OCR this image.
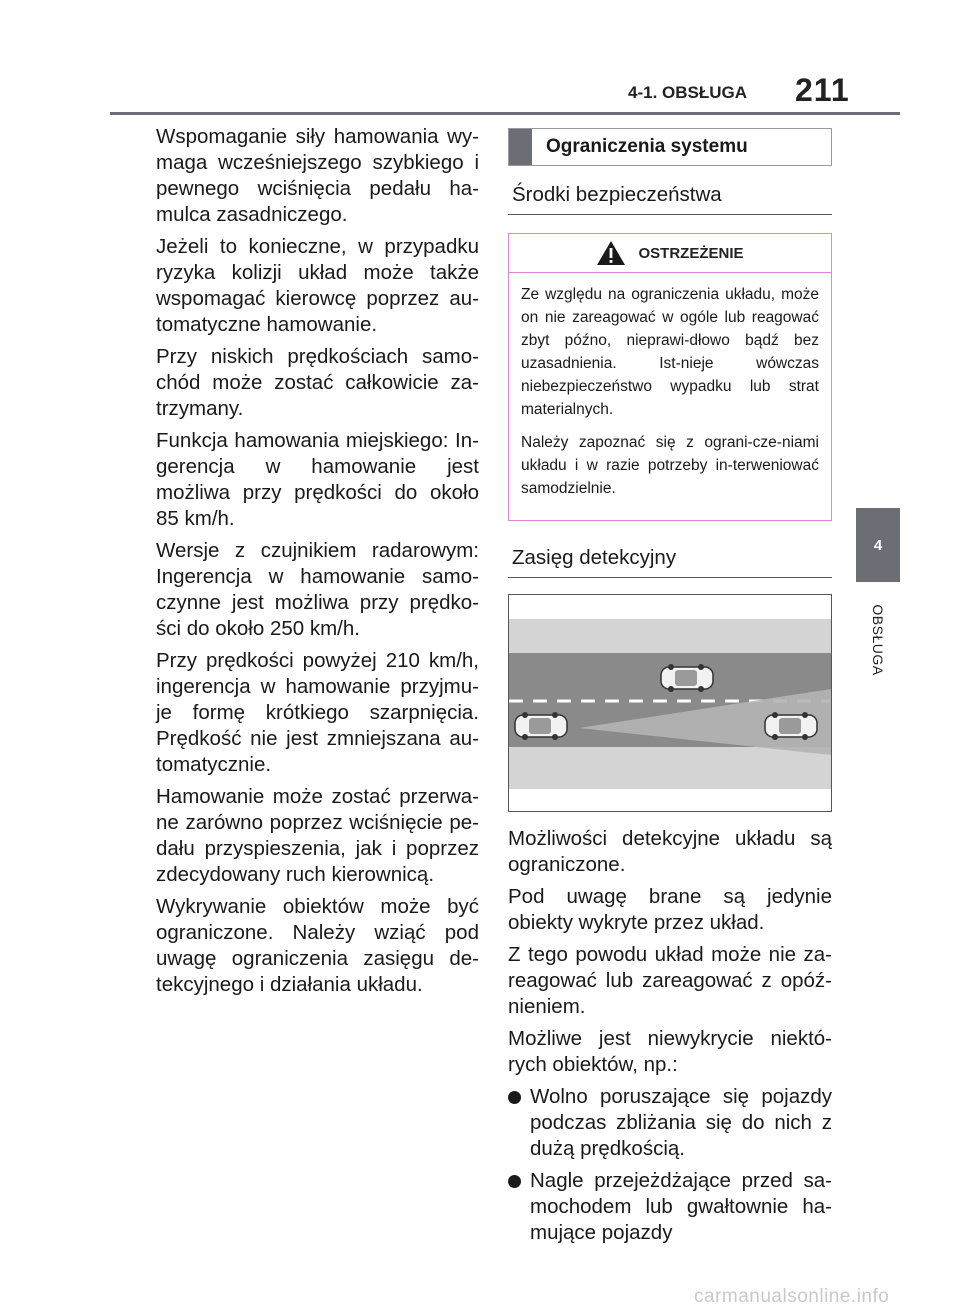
4-1. OBSŁUGA 211
4
OBSŁUGA

Wspomaganie siły hamowania wy-maga wcześniejszego szybkiego i pewnego wciśnięcia pedału ha-mulca zasadniczego.

Jeżeli to konieczne, w przypadku ryzyka kolizji układ może także wspomagać kierowcę poprzez au-tomatyczne hamowanie.

Przy niskich prędkościach samo-chód może zostać całkowicie za-trzymany.

Funkcja hamowania miejskiego: In-gerencja w hamowanie jest możliwa przy prędkości do około 85 km/h.

Wersje z czujnikiem radarowym: Ingerencja w hamowanie samo-czynne jest możliwa przy prędko-ści do około 250 km/h.

Przy prędkości powyżej 210 km/h, ingerencja w hamowanie przyjmu-je formę krótkiego szarpnięcia. Prędkość nie jest zmniejszana au-tomatycznie.

Hamowanie może zostać przerwa-ne zarówno poprzez wciśnięcie pe-dału przyspieszenia, jak i poprzez zdecydowany ruch kierownicą.

Wykrywanie obiektów może być ograniczone. Należy wziąć pod uwagę ograniczenia zasięgu de-tekcyjnego i działania układu.

Ograniczenia systemu
Środki bezpieczeństwa
OSTRZEŻENIE

Ze względu na ograniczenia układu, może on nie zareagować w ogóle lub reagować zbyt późno, nieprawi-dłowo bądź bez uzasadnienia. Ist-nieje wówczas niebezpieczeństwo wypadku lub strat materialnych.

Należy zapoznać się z ograni-cze-niami układu i w razie potrzeby in-terweniować samodzielnie.

Zasięg detekcyjny

Możliwości detekcyjne układu są ograniczone.

Pod uwagę brane są jedynie obiekty wykryte przez układ.

Z tego powodu układ może nie za-reagować lub zareagować z opóź-nieniem.

Możliwe jest niewykrycie niektó-rych obiektów, np.:

Wolno poruszające się pojazdy podczas zbliżania się do nich z dużą prędkością.
Nagle przejeżdżające przed sa-mochodem lub gwałtownie ha-mujące pojazdy
carmanualsonline.info
